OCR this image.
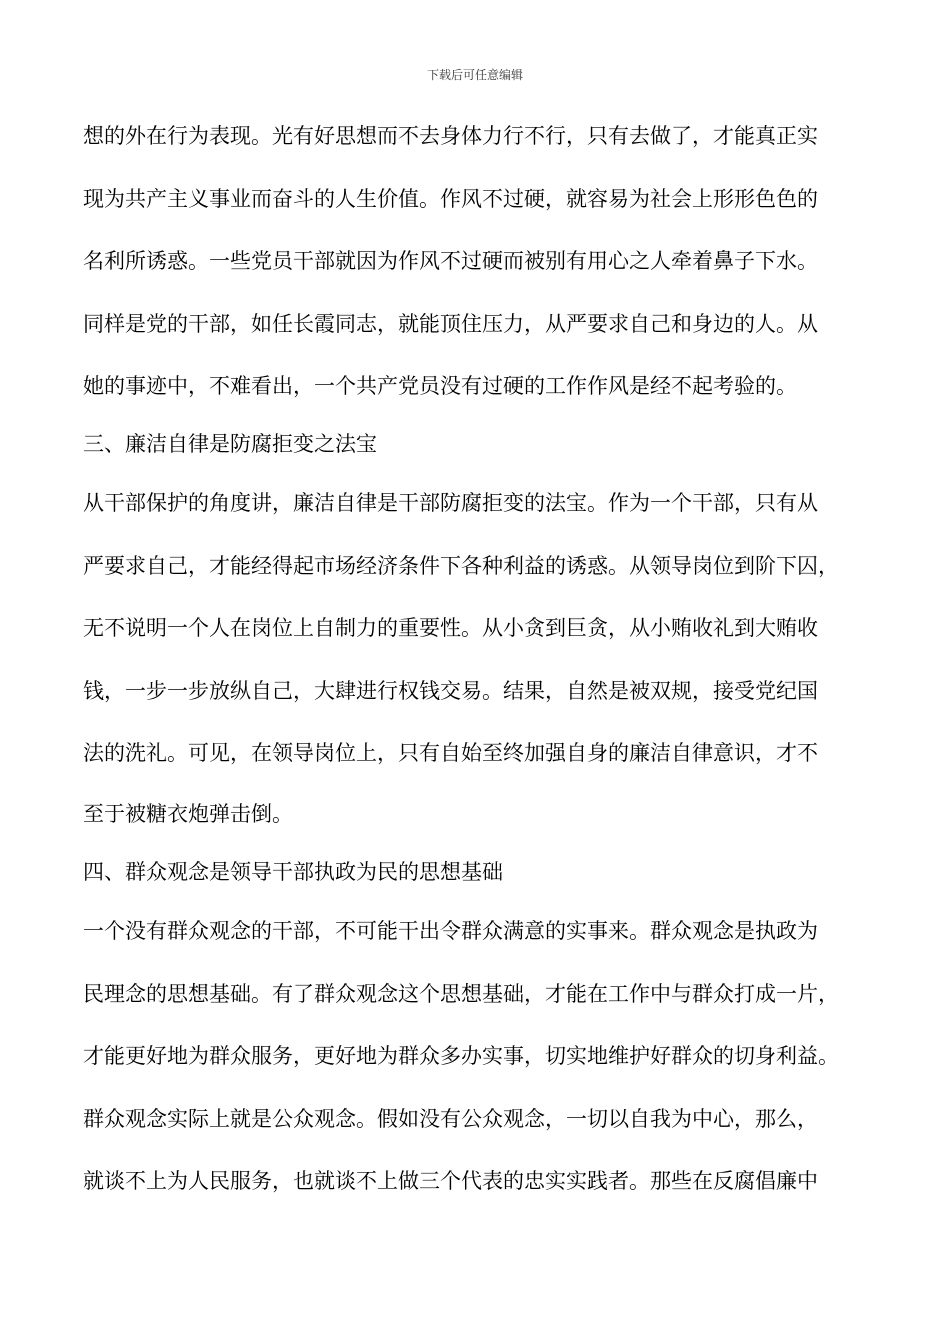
下载后可任意编辑
想的外在行为表现。光有好思想而不去身体力行不行，只有去做了，才能真正实
现为共产主义事业而奋斗的人生价值。作风不过硬，就容易为社会上形形色色的
名利所诱惑。一些党员干部就因为作风不过硬而被别有用心之人牵着鼻子下水。
同样是党的干部，如任长霞同志，就能顶住压力，从严要求自己和身边的人。从
她的事迹中，不难看出，一个共产党员没有过硬的工作作风是经不起考验的。
三、廉洁自律是防腐拒变之法宝
从干部保护的角度讲，廉洁自律是干部防腐拒变的法宝。作为一个干部，只有从
严要求自己，才能经得起市场经济条件下各种利益的诱惑。从领导岗位到阶下囚，
无不说明一个人在岗位上自制力的重要性。从小贪到巨贪，从小贿收礼到大贿收
钱，一步一步放纵自己，大肆进行权钱交易。结果，自然是被双规，接受党纪国
法的洗礼。可见，在领导岗位上，只有自始至终加强自身的廉洁自律意识，才不
至于被糖衣炮弹击倒。
四、群众观念是领导干部执政为民的思想基础
一个没有群众观念的干部，不可能干出令群众满意的实事来。群众观念是执政为
民理念的思想基础。有了群众观念这个思想基础，才能在工作中与群众打成一片，
才能更好地为群众服务，更好地为群众多办实事，切实地维护好群众的切身利益。
群众观念实际上就是公众观念。假如没有公众观念，一切以自我为中心，那么，
就谈不上为人民服务，也就谈不上做三个代表的忠实实践者。那些在反腐倡廉中
